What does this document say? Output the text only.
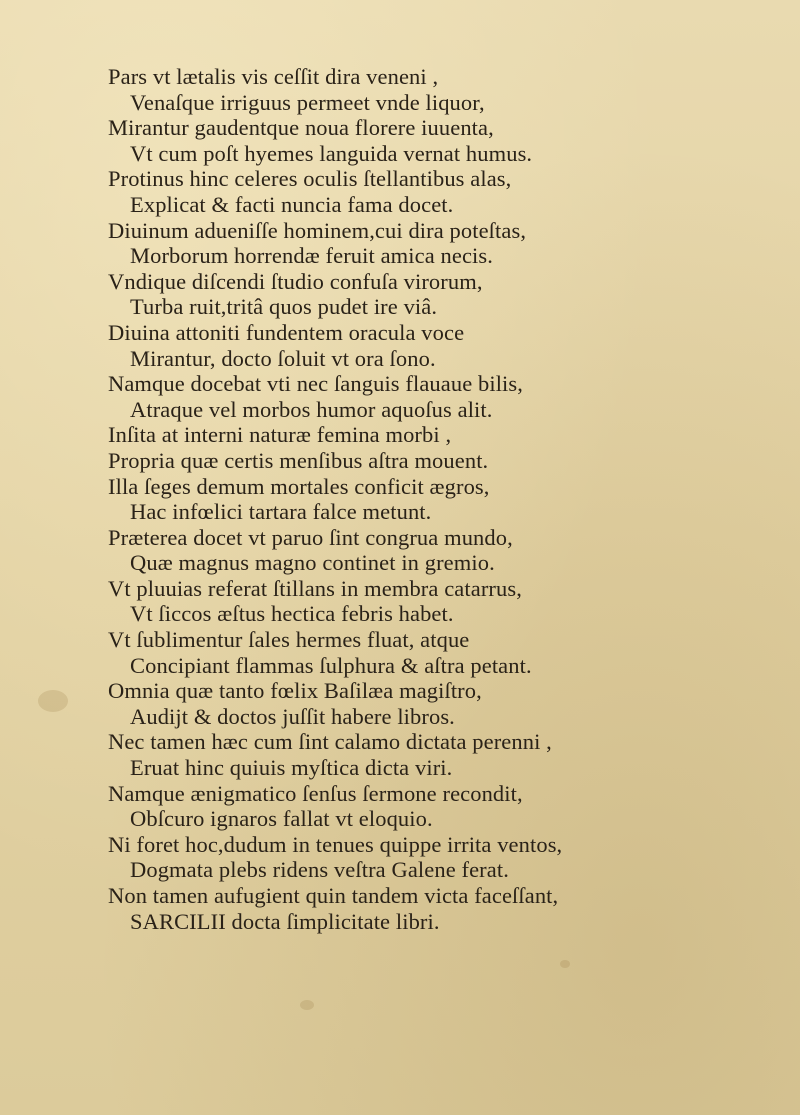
Pars vt lætalis vis ceſſit dira veneni ,
Venaſque irriguus permeet vnde liquor,
Mirantur gaudentque noua florere iuuenta,
Vt cum poſt hyemes languida vernat humus.
Protinus hinc celeres oculis ſtellantibus alas,
Explicat & facti nuncia fama docet.
Diuinum adueniſſe hominem,cui dira poteſtas,
Morborum horrendæ feruit amica necis.
Vndique diſcendi ſtudio confuſa virorum,
Turba ruit,tritâ quos pudet ire viâ.
Diuina attoniti fundentem oracula voce
Mirantur, docto ſoluit vt ora ſono.
Namque docebat vti nec ſanguis flauaue bilis,
Atraque vel morbos humor aquoſus alit.
Inſita at interni naturæ femina morbi ,
Propria quæ certis menſibus aſtra mouent.
Illa ſeges demum mortales conficit ægros,
Hac infœlici tartara falce metunt.
Præterea docet vt paruo ſint congrua mundo,
Quæ magnus magno continet in gremio.
Vt pluuias referat ſtillans in membra catarrus,
Vt ſiccos æſtus hectica febris habet.
Vt ſublimentur ſales hermes fluat, atque
Concipiant flammas ſulphura & aſtra petant.
Omnia quæ tanto fœlix Baſilæa magiſtro,
Audijt & doctos juſſit habere libros.
Nec tamen hæc cum ſint calamo dictata perenni ,
Eruat hinc quiuis myſtica dicta viri.
Namque ænigmatico ſenſus ſermone recondit,
Obſcuro ignaros fallat vt eloquio.
Ni foret hoc,dudum in tenues quippe irrita ventos,
Dogmata plebs ridens veſtra Galene ferat.
Non tamen aufugient quin tandem victa faceſſant,
SARCILII docta ſimplicitate libri.
